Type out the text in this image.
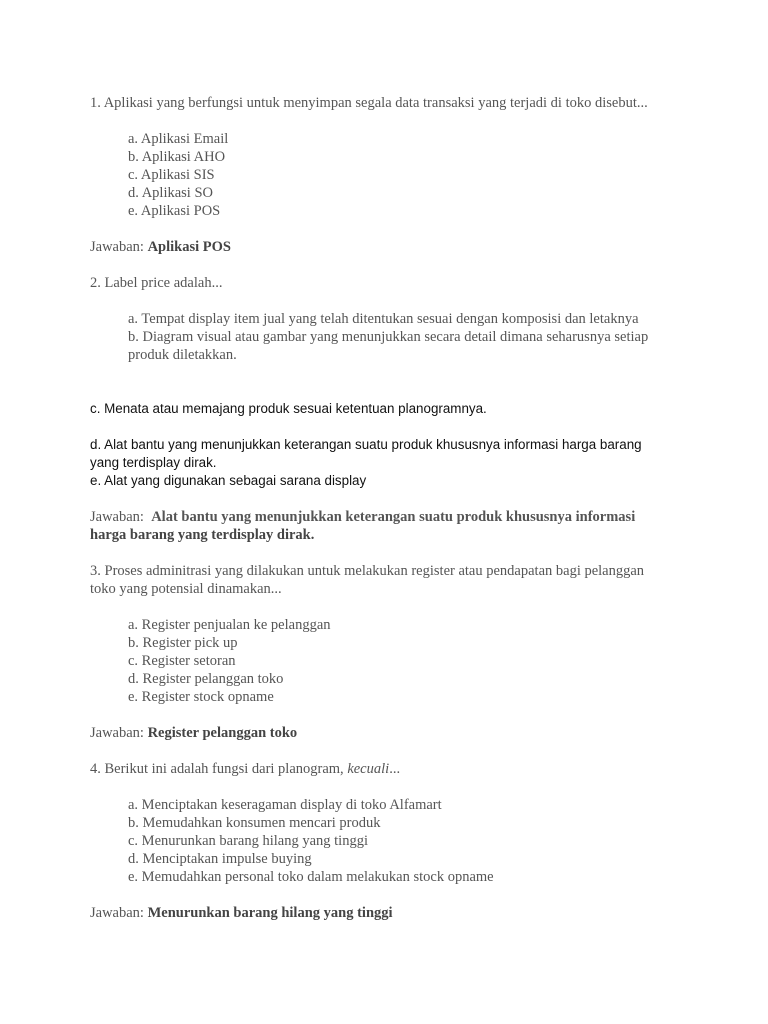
1. Aplikasi yang berfungsi untuk menyimpan segala data transaksi yang terjadi di toko disebut...

a. Aplikasi Email

b. Aplikasi AHO

c. Aplikasi SIS

d. Aplikasi SO

e. Aplikasi POS

Jawaban: Aplikasi POS

2. Label price adalah...

a. Tempat display item jual yang telah ditentukan sesuai dengan komposisi dan letaknya

b. Diagram visual atau gambar yang menunjukkan secara detail dimana seharusnya setiap

produk diletakkan.

c. Menata atau memajang produk sesuai ketentuan planogramnya.

d. Alat bantu yang menunjukkan keterangan suatu produk khususnya informasi harga barang

yang terdisplay dirak.

e. Alat yang digunakan sebagai sarana display

Jawaban:  Alat bantu yang menunjukkan keterangan suatu produk khususnya informasi

harga barang yang terdisplay dirak.

3. Proses adminitrasi yang dilakukan untuk melakukan register atau pendapatan bagi pelanggan

toko yang potensial dinamakan...

a. Register penjualan ke pelanggan

b. Register pick up

c. Register setoran

d. Register pelanggan toko

e. Register stock opname

Jawaban: Register pelanggan toko

4. Berikut ini adalah fungsi dari planogram, kecuali...

a. Menciptakan keseragaman display di toko Alfamart

b. Memudahkan konsumen mencari produk

c. Menurunkan barang hilang yang tinggi

d. Menciptakan impulse buying

e. Memudahkan personal toko dalam melakukan stock opname

Jawaban: Menurunkan barang hilang yang tinggi
